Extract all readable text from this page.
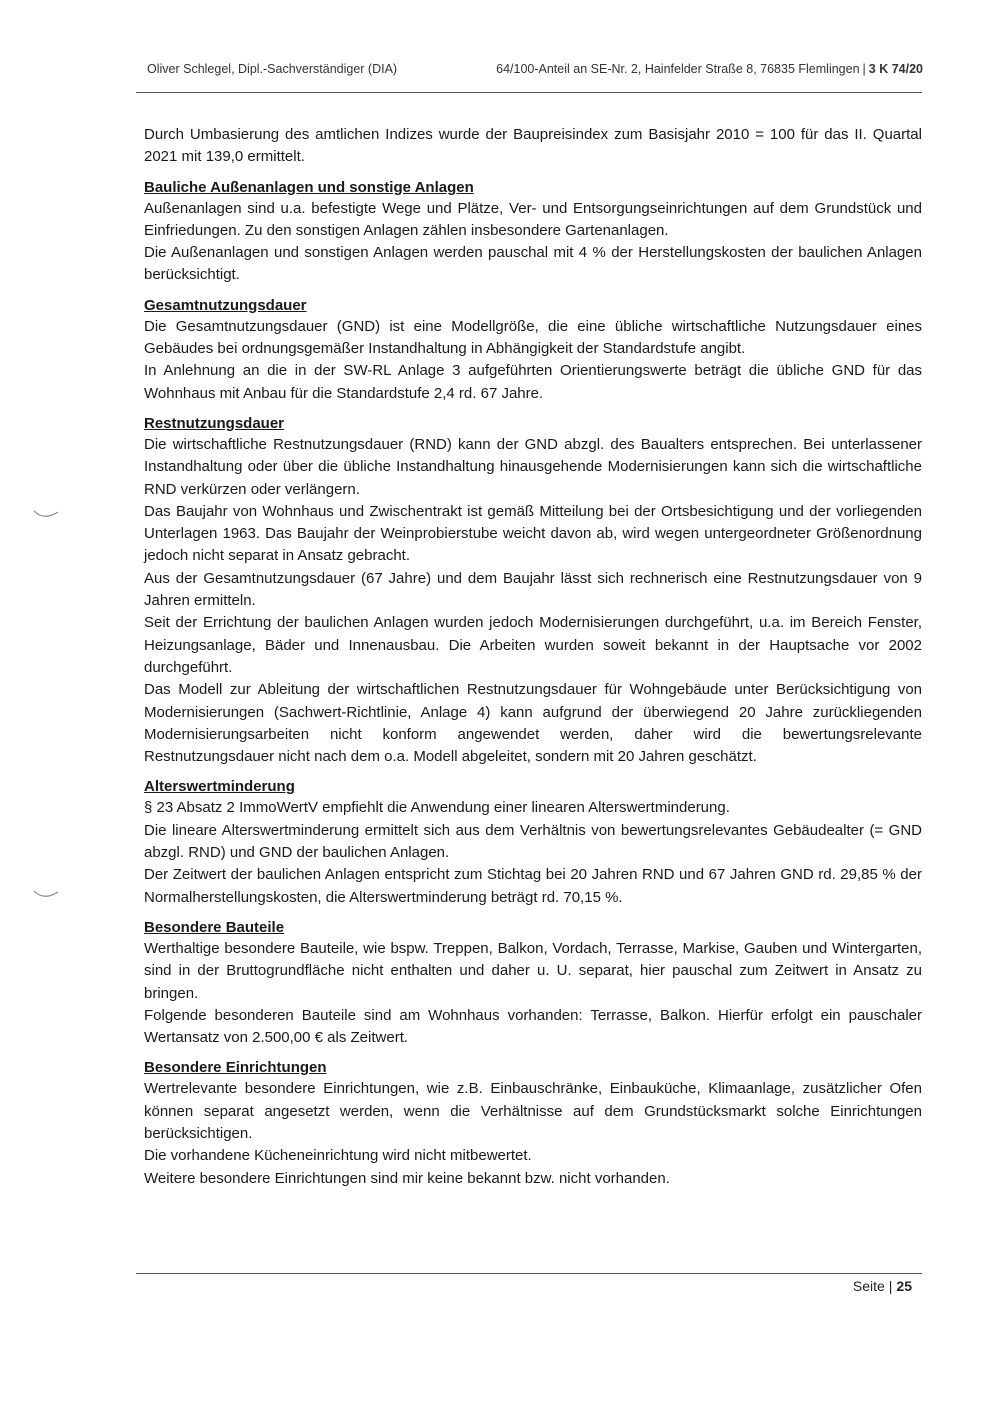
Oliver Schlegel, Dipl.-Sachverständiger (DIA)	64/100-Anteil an SE-Nr. 2, Hainfelder Straße 8, 76835 Flemlingen | 3 K 74/20

Durch Umbasierung des amtlichen Indizes wurde der Baupreisindex zum Basisjahr 2010 = 100 für das II. Quartal 2021 mit 139,0 ermittelt.

Bauliche Außenanlagen und sonstige Anlagen

Außenanlagen sind u.a. befestigte Wege und Plätze, Ver- und Entsorgungseinrichtungen auf dem Grundstück und Einfriedungen. Zu den sonstigen Anlagen zählen insbesondere Gartenanlagen.

Die Außenanlagen und sonstigen Anlagen werden pauschal mit 4 % der Herstellungskosten der baulichen Anlagen berücksichtigt.

Gesamtnutzungsdauer

Die Gesamtnutzungsdauer (GND) ist eine Modellgröße, die eine übliche wirtschaftliche Nutzungsdauer eines Gebäudes bei ordnungsgemäßer Instandhaltung in Abhängigkeit der Standardstufe angibt.

In Anlehnung an die in der SW-RL Anlage 3 aufgeführten Orientierungswerte beträgt die übliche GND für das Wohnhaus mit Anbau für die Standardstufe 2,4 rd. 67 Jahre.

Restnutzungsdauer

Die wirtschaftliche Restnutzungsdauer (RND) kann der GND abzgl. des Baualters entsprechen. Bei unterlassener Instandhaltung oder über die übliche Instandhaltung hinausgehende Modernisierungen kann sich die wirtschaftliche RND verkürzen oder verlängern.

Das Baujahr von Wohnhaus und Zwischentrakt ist gemäß Mitteilung bei der Ortsbesichtigung und der vorliegenden Unterlagen 1963. Das Baujahr der Weinprobierstube weicht davon ab, wird wegen untergeordneter Größenordnung jedoch nicht separat in Ansatz gebracht.

Aus der Gesamtnutzungsdauer (67 Jahre) und dem Baujahr lässt sich rechnerisch eine Restnutzungsdauer von 9 Jahren ermitteln.

Seit der Errichtung der baulichen Anlagen wurden jedoch Modernisierungen durchgeführt, u.a. im Bereich Fenster, Heizungsanlage, Bäder und Innenausbau. Die Arbeiten wurden soweit bekannt in der Hauptsache vor 2002 durchgeführt.

Das Modell zur Ableitung der wirtschaftlichen Restnutzungsdauer für Wohngebäude unter Berücksichtigung von Modernisierungen (Sachwert-Richtlinie, Anlage 4) kann aufgrund der überwiegend 20 Jahre zurückliegenden Modernisierungsarbeiten nicht konform angewendet werden, daher wird die bewertungsrelevante Restnutzungsdauer nicht nach dem o.a. Modell abgeleitet, sondern mit 20 Jahren geschätzt.

Alterswertminderung

§ 23 Absatz 2 ImmoWertV empfiehlt die Anwendung einer linearen Alterswertminderung.

Die lineare Alterswertminderung ermittelt sich aus dem Verhältnis von bewertungsrelevantes Gebäudealter (= GND abzgl. RND) und GND der baulichen Anlagen.

Der Zeitwert der baulichen Anlagen entspricht zum Stichtag bei 20 Jahren RND und 67 Jahren GND rd. 29,85 % der Normalherstellungskosten, die Alterswertminderung beträgt rd. 70,15 %.

Besondere Bauteile

Werthaltige besondere Bauteile, wie bspw. Treppen, Balkon, Vordach, Terrasse, Markise, Gauben und Wintergarten, sind in der Bruttogrundfläche nicht enthalten und daher u. U. separat, hier pauschal zum Zeitwert in Ansatz zu bringen.

Folgende besonderen Bauteile sind am Wohnhaus vorhanden: Terrasse, Balkon. Hierfür erfolgt ein pauschaler Wertansatz von 2.500,00 € als Zeitwert.

Besondere Einrichtungen

Wertrelevante besondere Einrichtungen, wie z.B. Einbauschränke, Einbauküche, Klimaanlage, zusätzlicher Ofen können separat angesetzt werden, wenn die Verhältnisse auf dem Grundstücksmarkt solche Einrichtungen berücksichtigen.

Die vorhandene Kücheneinrichtung wird nicht mitbewertet.

Weitere besondere Einrichtungen sind mir keine bekannt bzw. nicht vorhanden.

Seite | 25
